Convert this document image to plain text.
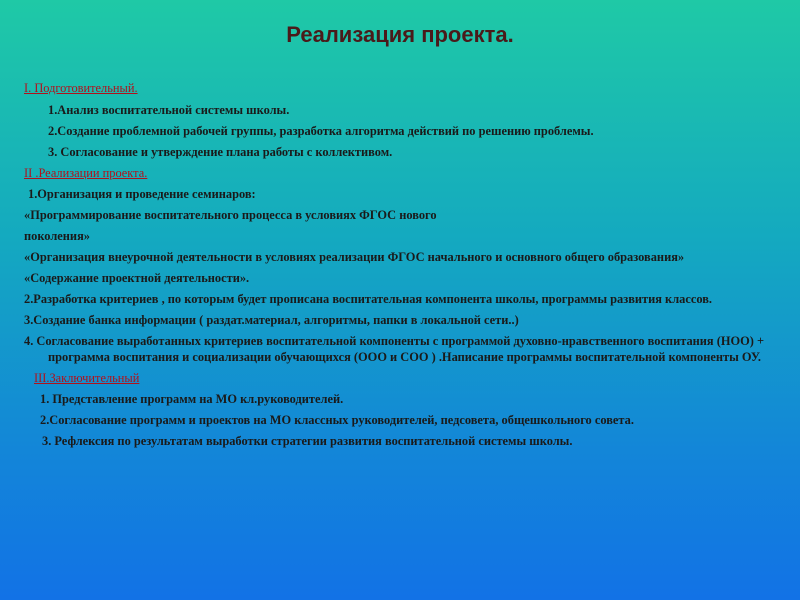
Реализация проекта.
I. Подготовительный.
1.Анализ воспитательной системы школы.
2.Создание проблемной рабочей группы, разработка алгоритма действий по решению проблемы.
3. Согласование и утверждение плана работы с коллективом.
II .Реализации проекта.
1.Организация и проведение семинаров:
«Программирование воспитательного процесса в условиях ФГОС нового
поколения»
«Организация внеурочной деятельности в условиях реализации ФГОС начального и основного общего образования»
«Содержание проектной деятельности».
2.Разработка критериев , по которым будет прописана воспитательная компонента школы, программы развития классов.
3.Создание банка информации ( раздат.материал, алгоритмы, папки в локальной сети..)
4. Согласование выработанных критериев воспитательной компоненты с программой духовно-нравственного воспитания (НОО) + программа воспитания и социализации обучающихся (ООО и СОО ) .Написание программы воспитательной компоненты ОУ.
III.Заключительный
1. Представление программ на МО кл.руководителей.
2.Согласование программ и проектов на МО классных руководителей, педсовета, общешкольного совета.
3. Рефлексия по результатам выработки стратегии развития воспитательной системы школы.
